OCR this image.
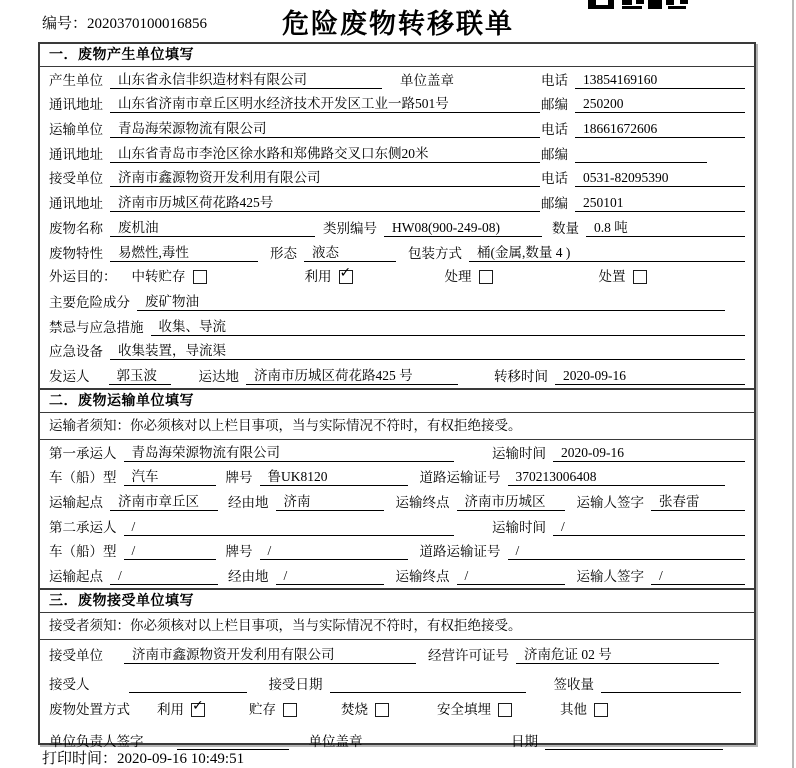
编号：2020370100016856	危险废物转移联单
一．废物产生单位填写
产生单位	山东省永信非织造材料有限公司	单位盖章	电话	13854169160
通讯地址	山东省济南市章丘区明水经济技术开发区工业一路501号	邮编	250200
运输单位	青岛海荣源物流有限公司	电话	18661672606
通讯地址	山东省青岛市李沧区徐水路和郑佛路交叉口东侧20米	邮编
接受单位	济南市鑫源物资开发利用有限公司	电话	0531-82095390
通讯地址	济南市历城区荷花路425号	邮编	250101
废物名称	废机油	类别编号	HW08(900-249-08)	数量	0.8 吨
废物特性	易燃性,毒性	形态	液态	包装方式	桶(金属,数量 4 )
外运目的： 中转贮存	利用 ✓	处理	处置
主要危险成分	废矿物油
禁忌与应急措施	收集、导流
应急设备	收集装置，导流渠
发运人	郭玉波	运达地	济南市历城区荷花路425 号	转移时间	2020-09-16
二．废物运输单位填写
运输者须知：你必须核对以上栏目事项，当与实际情况不符时，有权拒绝接受。
第一承运人	青岛海荣源物流有限公司	运输时间	2020-09-16
车（船）型	汽车	牌号	鲁UK8120	道路运输证号	370213006408
运输起点	济南市章丘区	经由地	济南	运输终点	济南市历城区	运输人签字	张春雷
第二承运人	/	运输时间	/
车（船）型	/	牌号	/	道路运输证号	/
运输起点	/	经由地	/	运输终点	/	运输人签字	/
三．废物接受单位填写
接受者须知：你必须核对以上栏目事项，当与实际情况不符时，有权拒绝接受。
接受单位	济南市鑫源物资开发利用有限公司	经营许可证号	济南危证 02 号
接受人	接受日期	签收量
废物处置方式 利用 ✓	贮存	焚烧	安全填埋	其他
单位负责人签字	单位盖章	日期
打印时间：2020-09-16 10:49:51
